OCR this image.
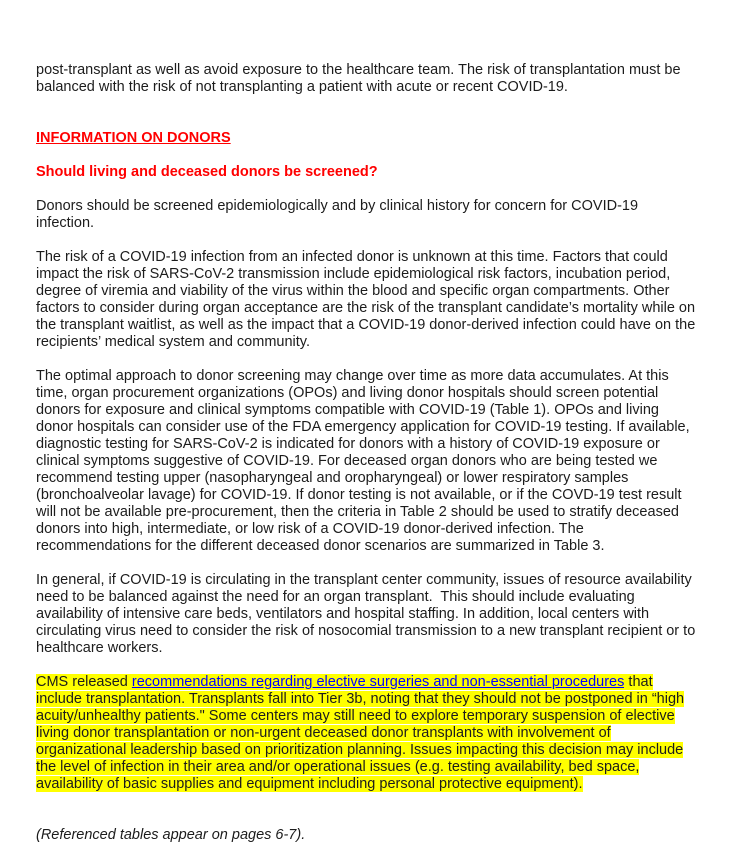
post-transplant as well as avoid exposure to the healthcare team. The risk of transplantation must be balanced with the risk of not transplanting a patient with acute or recent COVID-19.

INFORMATION ON DONORS
Should living and deceased donors be screened?

Donors should be screened epidemiologically and by clinical history for concern for COVID-19 infection.

The risk of a COVID-19 infection from an infected donor is unknown at this time. Factors that could impact the risk of SARS-CoV-2 transmission include epidemiological risk factors, incubation period, degree of viremia and viability of the virus within the blood and specific organ compartments. Other factors to consider during organ acceptance are the risk of the transplant candidate’s mortality while on the transplant waitlist, as well as the impact that a COVID-19 donor-derived infection could have on the recipients’ medical system and community.

The optimal approach to donor screening may change over time as more data accumulates. At this time, organ procurement organizations (OPOs) and living donor hospitals should screen potential donors for exposure and clinical symptoms compatible with COVID-19 (Table 1). OPOs and living donor hospitals can consider use of the FDA emergency application for COVID-19 testing. If available, diagnostic testing for SARS-CoV-2 is indicated for donors with a history of COVID-19 exposure or clinical symptoms suggestive of COVID-19. For deceased organ donors who are being tested we recommend testing upper (nasopharyngeal and oropharyngeal) or lower respiratory samples (bronchoalveolar lavage) for COVID-19. If donor testing is not available, or if the COVD-19 test result will not be available pre-procurement, then the criteria in Table 2 should be used to stratify deceased donors into high, intermediate, or low risk of a COVID-19 donor-derived infection. The recommendations for the different deceased donor scenarios are summarized in Table 3.

In general, if COVID-19 is circulating in the transplant center community, issues of resource availability need to be balanced against the need for an organ transplant.  This should include evaluating availability of intensive care beds, ventilators and hospital staffing. In addition, local centers with circulating virus need to consider the risk of nosocomial transmission to a new transplant recipient or to healthcare workers.

CMS released recommendations regarding elective surgeries and non-essential procedures that include transplantation. Transplants fall into Tier 3b, noting that they should not be postponed in “high acuity/unhealthy patients." Some centers may still need to explore temporary suspension of elective living donor transplantation or non-urgent deceased donor transplants with involvement of organizational leadership based on prioritization planning. Issues impacting this decision may include the level of infection in their area and/or operational issues (e.g. testing availability, bed space, availability of basic supplies and equipment including personal protective equipment).

(Referenced tables appear on pages 6-7).
